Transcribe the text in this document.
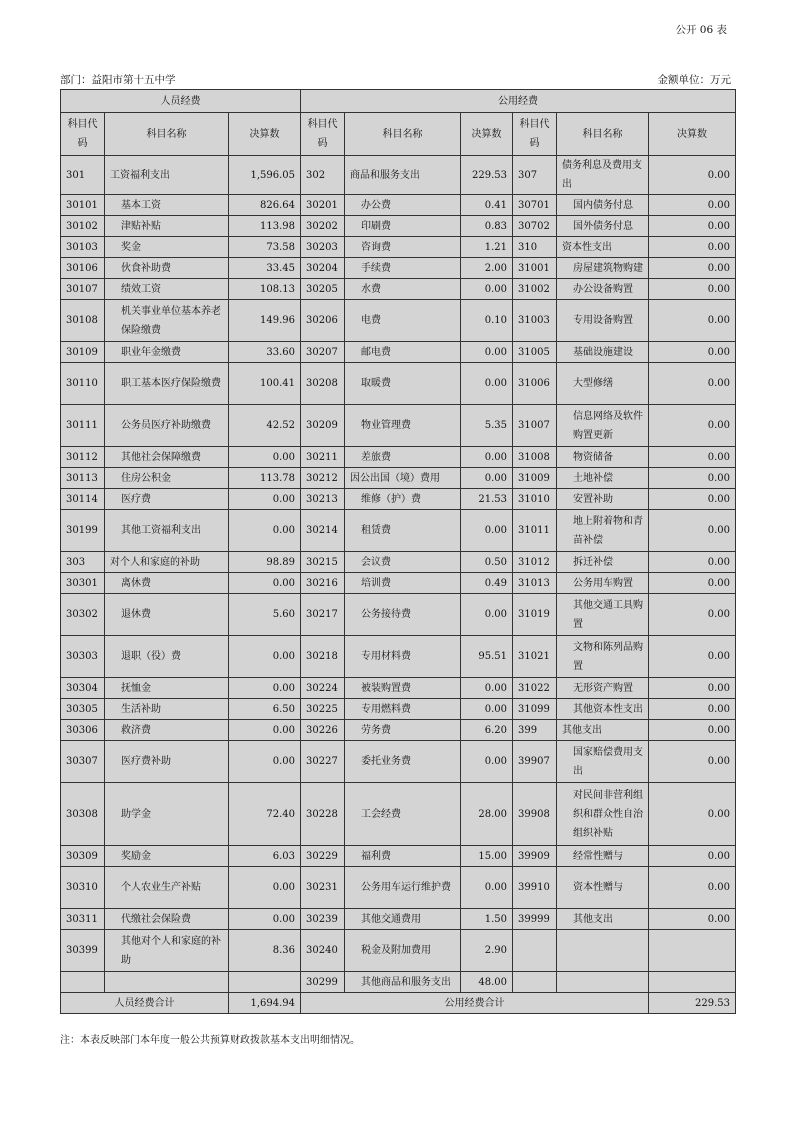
公开 06 表
部门：益阳市第十五中学	金额单位：万元
人员经费			公用经费					
科目代码	科目名称	决算数	科目代码	科目名称	决算数	科目代码	科目名称	决算数
301	工资福利支出	1,596.05	302	商品和服务支出	229.53	307	债务利息及费用支出	0.00
30101	基本工资	826.64	30201	办公费	0.41	30701	国内债务付息	0.00
30102	津贴补贴	113.98	30202	印刷费	0.83	30702	国外债务付息	0.00
30103	奖金	73.58	30203	咨询费	1.21	310	资本性支出	0.00
30106	伙食补助费	33.45	30204	手续费	2.00	31001	房屋建筑物购建	0.00
30107	绩效工资	108.13	30205	水费	0.00	31002	办公设备购置	0.00
30108	机关事业单位基本养老保险缴费	149.96	30206	电费	0.10	31003	专用设备购置	0.00
30109	职业年金缴费	33.60	30207	邮电费	0.00	31005	基础设施建设	0.00
30110	职工基本医疗保险缴费	100.41	30208	取暖费	0.00	31006	大型修缮	0.00
30111	公务员医疗补助缴费	42.52	30209	物业管理费	5.35	31007	信息网络及软件购置更新	0.00
30112	其他社会保障缴费	0.00	30211	差旅费	0.00	31008	物资储备	0.00
30113	住房公积金	113.78	30212	因公出国（境）费用	0.00	31009	土地补偿	0.00
30114	医疗费	0.00	30213	维修（护）费	21.53	31010	安置补助	0.00
30199	其他工资福利支出	0.00	30214	租赁费	0.00	31011	地上附着物和青苗补偿	0.00
303	对个人和家庭的补助	98.89	30215	会议费	0.50	31012	拆迁补偿	0.00
30301	离休费	0.00	30216	培训费	0.49	31013	公务用车购置	0.00
30302	退休费	5.60	30217	公务接待费	0.00	31019	其他交通工具购置	0.00
30303	退职（役）费	0.00	30218	专用材料费	95.51	31021	文物和陈列品购置	0.00
30304	抚恤金	0.00	30224	被装购置费	0.00	31022	无形资产购置	0.00
30305	生活补助	6.50	30225	专用燃料费	0.00	31099	其他资本性支出	0.00
30306	救济费	0.00	30226	劳务费	6.20	399	其他支出	0.00
30307	医疗费补助	0.00	30227	委托业务费	0.00	39907	国家赔偿费用支出	0.00
30308	助学金	72.40	30228	工会经费	28.00	39908	对民间非营利组织和群众性自治组织补贴	0.00
30309	奖励金	6.03	30229	福利费	15.00	39909	经常性赠与	0.00
30310	个人农业生产补贴	0.00	30231	公务用车运行维护费	0.00	39910	资本性赠与	0.00
30311	代缴社会保险费	0.00	30239	其他交通费用	1.50	39999	其他支出	0.00
30399	其他对个人和家庭的补助	8.36	30240	税金及附加费用	2.90			
			30299	其他商品和服务支出	48.00			
人员经费合计		1,694.94	公用经费合计					229.53
注：本表反映部门本年度一般公共预算财政拨款基本支出明细情况。
